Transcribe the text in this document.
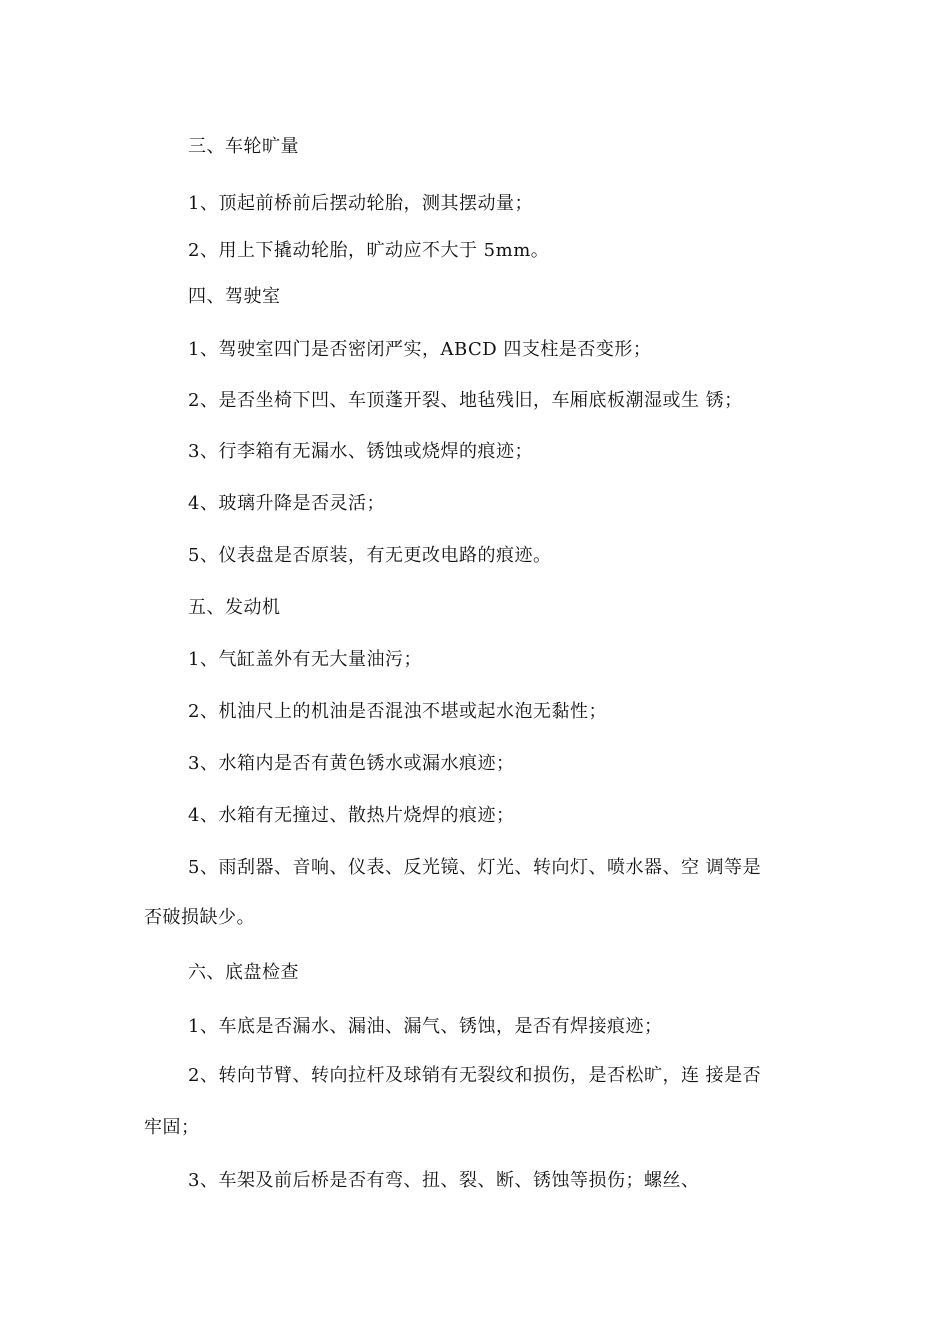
三、车轮旷量
1、顶起前桥前后摆动轮胎，测其摆动量；
2、用上下撬动轮胎，旷动应不大于 5mm。
四、驾驶室
1、驾驶室四门是否密闭严实，ABCD 四支柱是否变形；
2、是否坐椅下凹、车顶蓬开裂、地毡残旧，车厢底板潮湿或生 锈；
3、行李箱有无漏水、锈蚀或烧焊的痕迹；
4、玻璃升降是否灵活；
5、仪表盘是否原装，有无更改电路的痕迹。
五、发动机
1、气缸盖外有无大量油污；
2、机油尺上的机油是否混浊不堪或起水泡无黏性；
3、水箱内是否有黄色锈水或漏水痕迹；
4、水箱有无撞过、散热片烧焊的痕迹；
5、雨刮器、音响、仪表、反光镜、灯光、转向灯、喷水器、空 调等是
否破损缺少。
六、底盘检查
1、车底是否漏水、漏油、漏气、锈蚀，是否有焊接痕迹；
2、转向节臂、转向拉杆及球销有无裂纹和损伤，是否松旷，连 接是否
牢固；
3、车架及前后桥是否有弯、扭、裂、断、锈蚀等损伤；螺丝、
